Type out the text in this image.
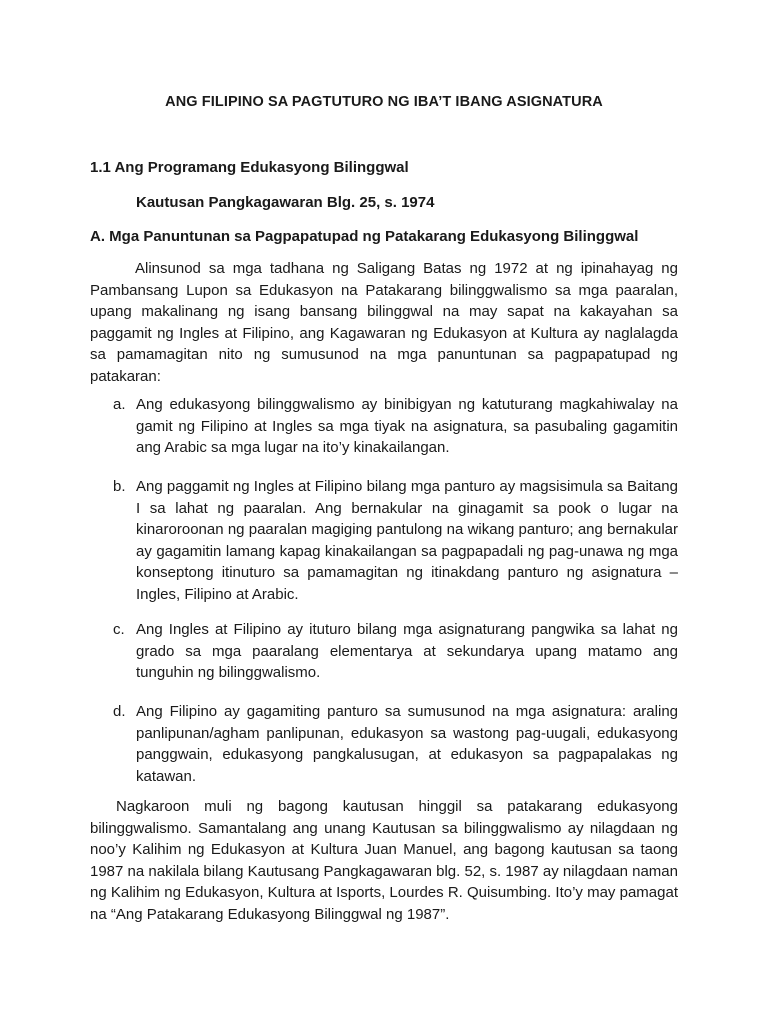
ANG FILIPINO SA PAGTUTURO NG IBA’T IBANG ASIGNATURA
1.1 Ang Programang Edukasyong Bilinggwal
Kautusan Pangkagawaran Blg. 25, s. 1974
A. Mga Panuntunan sa Pagpapatupad ng Patakarang Edukasyong Bilinggwal

Alinsunod sa mga tadhana ng Saligang Batas ng 1972 at ng ipinahayag ng Pambansang Lupon sa Edukasyon na Patakarang bilinggwalismo sa mga paaralan, upang makalinang ng isang bansang bilinggwal na may sapat na kakayahan sa paggamit ng Ingles at Filipino, ang Kagawaran ng Edukasyon at Kultura ay naglalagda sa pamamagitan nito ng sumusunod na mga panuntunan sa pagpapatupad ng patakaran:

a. Ang edukasyong bilinggwalismo ay binibigyan ng katuturang magkahiwalay na gamit ng Filipino at Ingles sa mga tiyak na asignatura, sa pasubaling gagamitin ang Arabic sa mga lugar na ito’y kinakailangan.
b. Ang paggamit ng Ingles at Filipino bilang mga panturo ay magsisimula sa Baitang I sa lahat ng paaralan. Ang bernakular na ginagamit sa pook o lugar na kinaroroonan ng paaralan magiging pantulong na wikang panturo; ang bernakular ay gagamitin lamang kapag kinakailangan sa pagpapadali ng pag-unawa ng mga konseptong itinuturo sa pamamagitan ng itinakdang panturo ng asignatura – Ingles, Filipino at Arabic.
c. Ang Ingles at Filipino ay ituturo bilang mga asignaturang pangwika sa lahat ng grado sa mga paaralang elementarya at sekundarya upang matamo ang tunguhin ng bilinggwalismo.
d. Ang Filipino ay gagamiting panturo sa sumusunod na mga asignatura: araling panlipunan/agham panlipunan, edukasyon sa wastong pag-uugali, edukasyong panggwain, edukasyong pangkalusugan, at edukasyon sa pagpapalakas ng katawan.

Nagkaroon muli ng bagong kautusan hinggil sa patakarang edukasyong bilinggwalismo. Samantalang ang unang Kautusan sa bilinggwalismo ay nilagdaan ng noo’y Kalihim ng Edukasyon at Kultura Juan Manuel, ang bagong kautusan sa taong 1987 na nakilala bilang Kautusang Pangkagawaran blg. 52, s. 1987 ay nilagdaan naman ng Kalihim ng Edukasyon, Kultura at Isports, Lourdes R. Quisumbing. Ito’y may pamagat na “Ang Patakarang Edukasyong Bilinggwal ng 1987”.
